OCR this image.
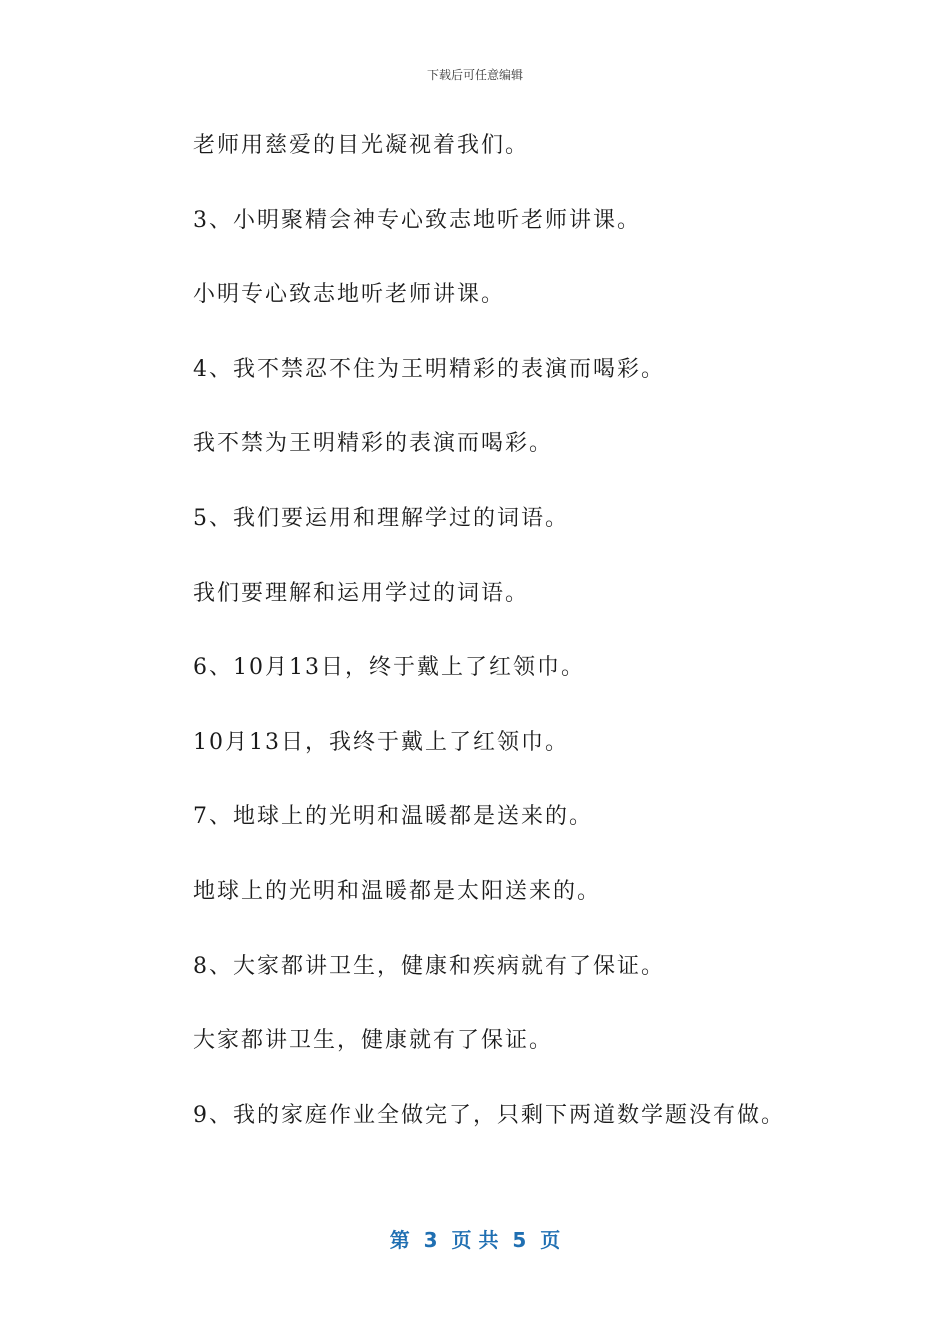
下载后可任意编辑
老师用慈爱的目光凝视着我们。
3、小明聚精会神专心致志地听老师讲课。
小明专心致志地听老师讲课。
4、我不禁忍不住为王明精彩的表演而喝彩。
我不禁为王明精彩的表演而喝彩。
5、我们要运用和理解学过的词语。
我们要理解和运用学过的词语。
6、10月13日，终于戴上了红领巾。
10月13日，我终于戴上了红领巾。
7、地球上的光明和温暖都是送来的。
地球上的光明和温暖都是太阳送来的。
8、大家都讲卫生，健康和疾病就有了保证。
大家都讲卫生，健康就有了保证。
9、我的家庭作业全做完了，只剩下两道数学题没有做。
第  3  页 共  5  页
